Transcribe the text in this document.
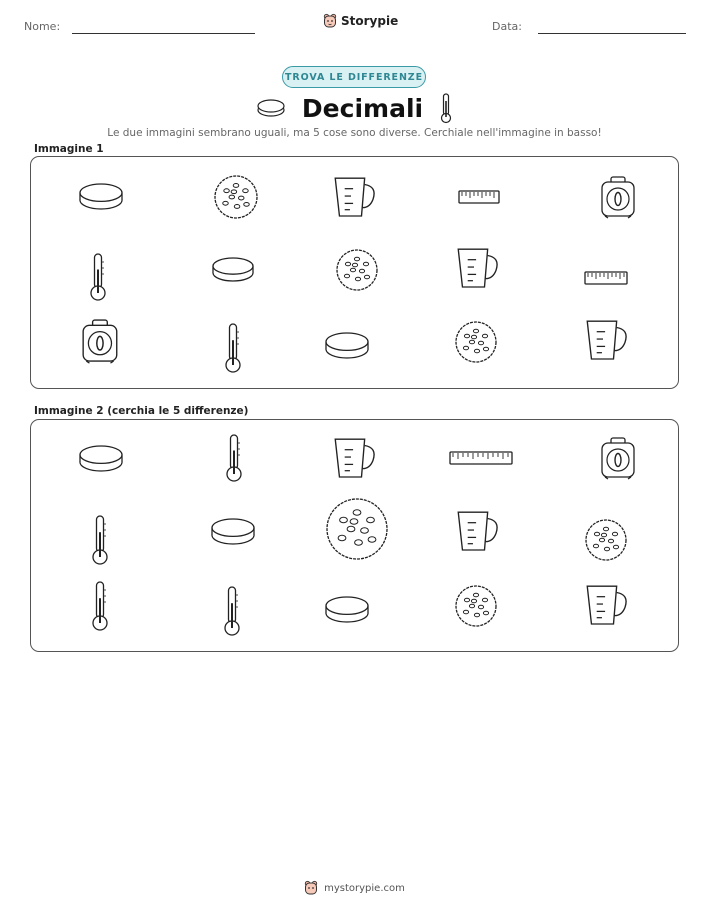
Nome:	Storypie	Data:
TROVA LE DIFFERENZE
Decimali
Le due immagini sembrano uguali, ma 5 cose sono diverse. Cerchiale nell'immagine in basso!
Immagine 1
Immagine 2 (cerchia le 5 differenze)
mystorypie.com
